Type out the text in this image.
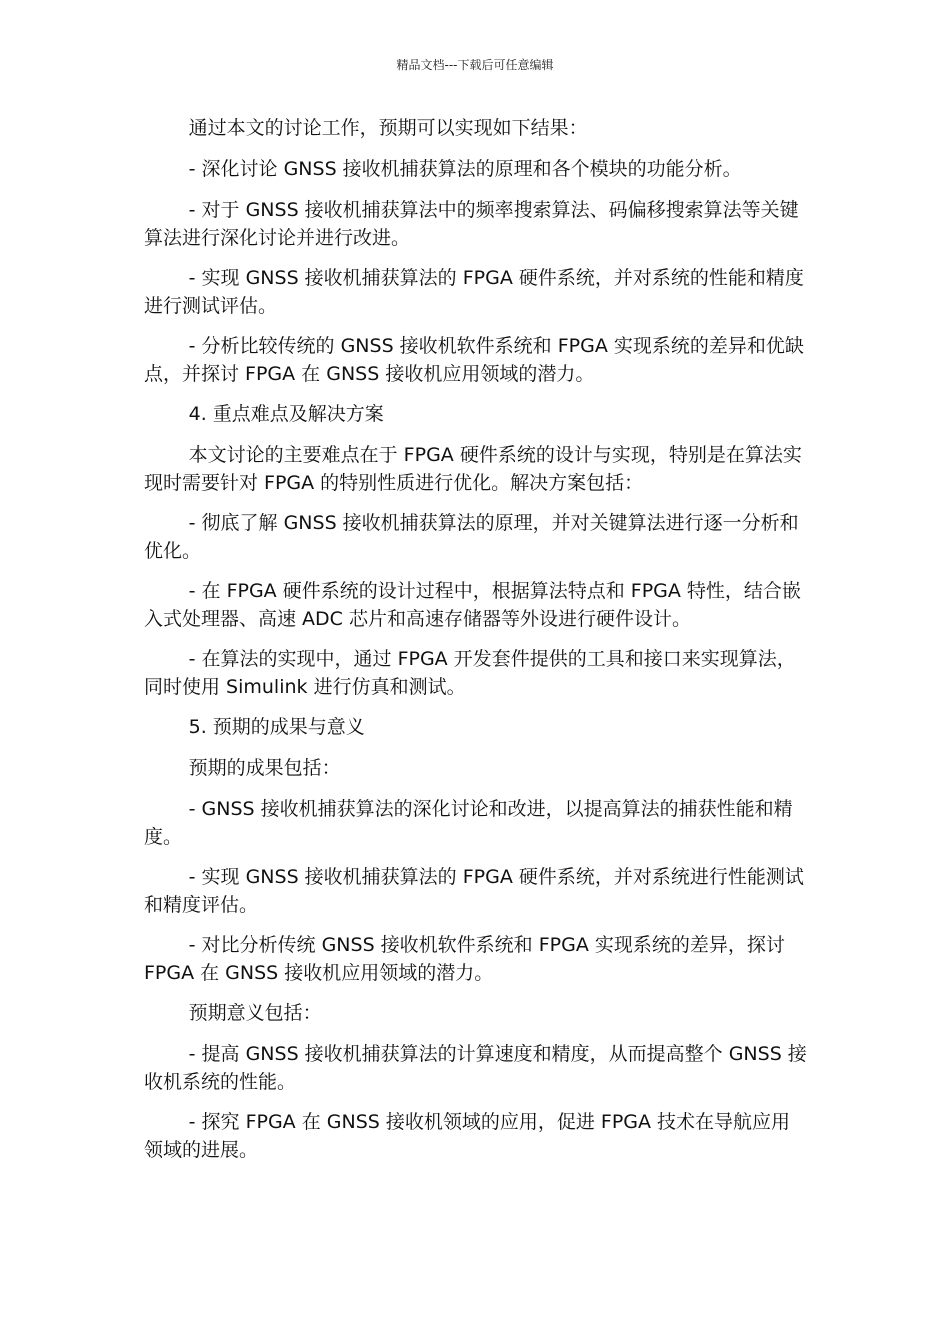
精品文档---下载后可任意编辑

通过本文的讨论工作，预期可以实现如下结果：

- 深化讨论 GNSS 接收机捕获算法的原理和各个模块的功能分析。

- 对于 GNSS 接收机捕获算法中的频率搜索算法、码偏移搜索算法等关键算法进行深化讨论并进行改进。

- 实现 GNSS 接收机捕获算法的 FPGA 硬件系统，并对系统的性能和精度进行测试评估。

- 分析比较传统的 GNSS 接收机软件系统和 FPGA 实现系统的差异和优缺点，并探讨 FPGA 在 GNSS 接收机应用领域的潜力。

4. 重点难点及解决方案

本文讨论的主要难点在于 FPGA 硬件系统的设计与实现，特别是在算法实现时需要针对 FPGA 的特别性质进行优化。解决方案包括：

- 彻底了解 GNSS 接收机捕获算法的原理，并对关键算法进行逐一分析和优化。

- 在 FPGA 硬件系统的设计过程中，根据算法特点和 FPGA 特性，结合嵌入式处理器、高速 ADC 芯片和高速存储器等外设进行硬件设计。

- 在算法的实现中，通过 FPGA 开发套件提供的工具和接口来实现算法，同时使用 Simulink 进行仿真和测试。

5. 预期的成果与意义

预期的成果包括：

- GNSS 接收机捕获算法的深化讨论和改进，以提高算法的捕获性能和精度。

- 实现 GNSS 接收机捕获算法的 FPGA 硬件系统，并对系统进行性能测试和精度评估。

- 对比分析传统 GNSS 接收机软件系统和 FPGA 实现系统的差异，探讨 FPGA 在 GNSS 接收机应用领域的潜力。

预期意义包括：

- 提高 GNSS 接收机捕获算法的计算速度和精度，从而提高整个 GNSS 接收机系统的性能。

- 探究 FPGA 在 GNSS 接收机领域的应用，促进 FPGA 技术在导航应用领域的进展。
